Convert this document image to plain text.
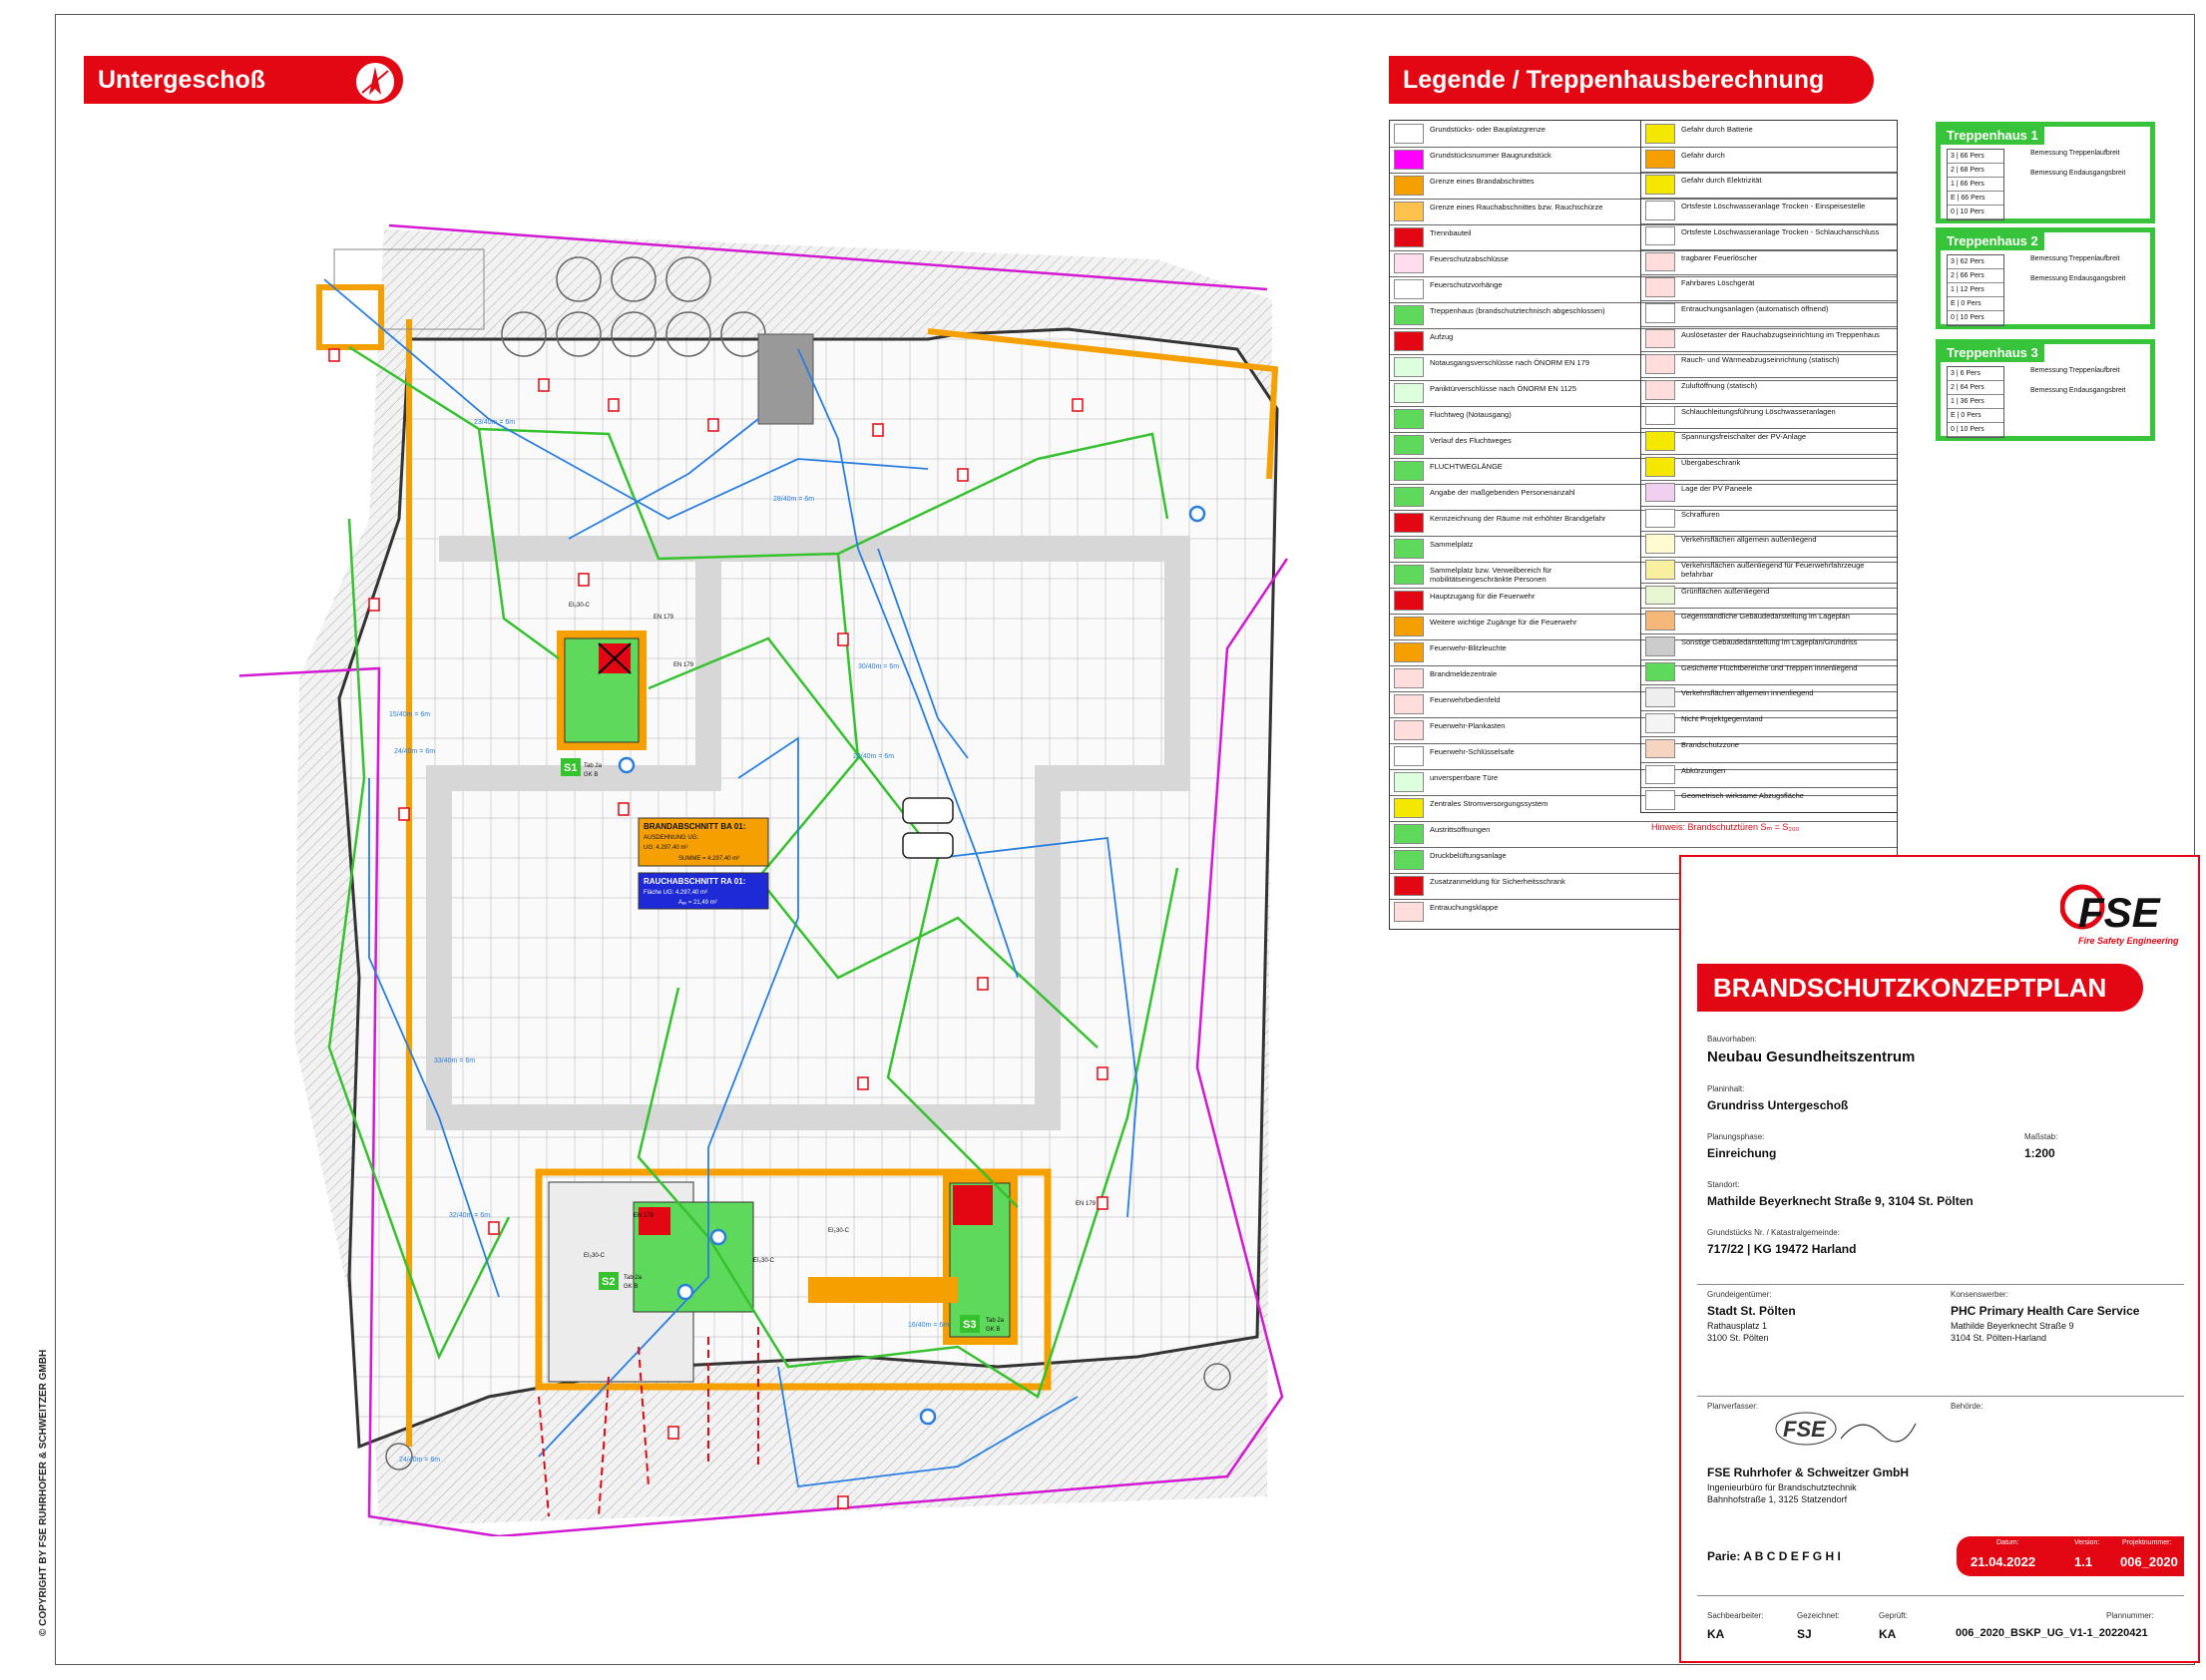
© COPYRIGHT BY FSE RUHRHOFER & SCHWEITZER GMBH
Untergeschoß	Legende / Treppenhausberechnung
S1
S2
S3
Tab 2a
GK B
Tab 2a
GK B
Tab 2a
GK B
EN 179
EN 179
EN 179
EN 179
EI₂30-C
EI₂30-C
EI₂30-C
EI₂30-C
23/40m = 6m
28/40m = 6m
30/40m = 6m
22/40m = 6m
15/40m = 6m
24/40m = 6m
33/40m = 6m
32/40m = 6m
16/40m = 6m
24/40m = 6m
BRANDABSCHNITT BA 01:
AUSDEHNUNG UG:
UG: 4.297,40 m²
SUMME = 4.297,40 m²
RAUCHABSCHNITT RA 01:
Fläche UG: 4.297,40 m²
Aₐᵥ = 21,49 m²
Grundstücks- oder Bauplatzgrenze
Grundstücksnummer Baugrundstück
Grenze eines Brandabschnittes
Grenze eines Rauchabschnittes bzw. Rauchschürze
Trennbauteil
Feuerschutzabschlüsse
Feuerschutzvorhänge
Treppenhaus (brandschutztechnisch abgeschlossen)
Aufzug
Notausgangsverschlüsse nach ÖNORM EN 179
Paniktürverschlüsse nach ÖNORM EN 1125
Fluchtweg (Notausgang)
Verlauf des Fluchtweges
FLUCHTWEGLÄNGE
Angabe der maßgebenden Personenanzahl
Kennzeichnung der Räume mit erhöhter Brandgefahr
Sammelplatz
Sammelplatz bzw. Verweilbereich für mobilitätseingeschränkte Personen
Hauptzugang für die Feuerwehr
Weitere wichtige Zugänge für die Feuerwehr
Feuerwehr-Blitzleuchte
Brandmeldezentrale
Feuerwehrbedienfeld
Feuerwehr-Plankasten
Feuerwehr-Schlüsselsafe
unversperrbare Türe
Zentrales Stromversorgungssystem
Austrittsöffnungen
Druckbelüftungsanlage
Zusatzanmeldung für Sicherheitsschrank
Entrauchungsklappe
Gefahr durch Batterie
Gefahr durch
Gefahr durch Elektrizität
Ortsfeste Löschwasseranlage Trocken - Einspeisestelle
Ortsfeste Löschwasseranlage Trocken - Schlauchanschluss
tragbarer Feuerlöscher
Fahrbares Löschgerät
Entrauchungsanlagen (automatisch öffnend)
Auslösetaster der Rauchabzugseinrichtung im Treppenhaus
Rauch- und Wärmeabzugseinrichtung (statisch)
Zuluftöffnung (statisch)
Schlauchleitungsführung Löschwasseranlagen
Spannungsfreischalter der PV-Anlage
Übergabeschrank
Lage der PV Paneele
Schraffuren
Verkehrsflächen allgemein außenliegend
Verkehrsflächen außenliegend für Feuerwehrfahrzeuge befahrbar
Grünflächen außenliegend
Gegenständliche Gebäudedarstellung im Lageplan
Sonstige Gebäudedarstellung im Lageplan/Grundriss
Gesicherte Fluchtbereiche und Treppen innenliegend
Verkehrsflächen allgemein innenliegend
Nicht Projektgegenstand
Brandschutzzone
Abkürzungen
Geometrisch wirksame Abzugsfläche
Hinweis: Brandschutztüren Sₘ = S₂₀₀
Treppenhaus 1
3 | 66 Pers
2 | 68 Pers
1 | 66 Pers
E | 66 Pers
0 | 10 Pers
Bemessung Treppenlaufbreit

Bemessung Endausgangsbreit
Treppenhaus 2
3 | 62 Pers
2 | 66 Pers
1 | 12 Pers
E | 0 Pers
0 | 10 Pers
Bemessung Treppenlaufbreit

Bemessung Endausgangsbreit
Treppenhaus 3
3 | 6 Pers
2 | 64 Pers
1 | 36 Pers
E | 0 Pers
0 | 10 Pers
Bemessung Treppenlaufbreit

Bemessung Endausgangsbreit
FSE
Fire Safety Engineering
BRANDSCHUTZKONZEPTPLAN
Bauvorhaben:
Neubau Gesundheitszentrum
Planinhalt:
Grundriss Untergeschoß
Planungsphase:
Einreichung
Maßstab:
1:200
Standort:
Mathilde Beyerknecht Straße 9, 3104 St. Pölten
Grundstücks Nr. / Katastralgemeinde:
717/22 | KG 19472 Harland
Grundeigentümer:
Stadt St. Pölten
Rathausplatz 1
3100 St. Pölten
Konsenswerber:
PHC Primary Health Care Service
Mathilde Beyerknecht Straße 9
3104 St. Pölten-Harland
Planverfasser:	Behörde:
FSE
FSE Ruhrhofer & Schweitzer GmbH
Ingenieurbüro für Brandschutztechnik
Bahnhofstraße 1, 3125 Statzendorf
Parie: A B C D E F G H I
Datum:
21.04.2022
Version:
1.1
Projektnummer:
006_2020
Sachbearbeiter:
KA
Gezeichnet:
SJ
Geprüft:
KA
Plannummer:
006_2020_BSKP_UG_V1-1_20220421
